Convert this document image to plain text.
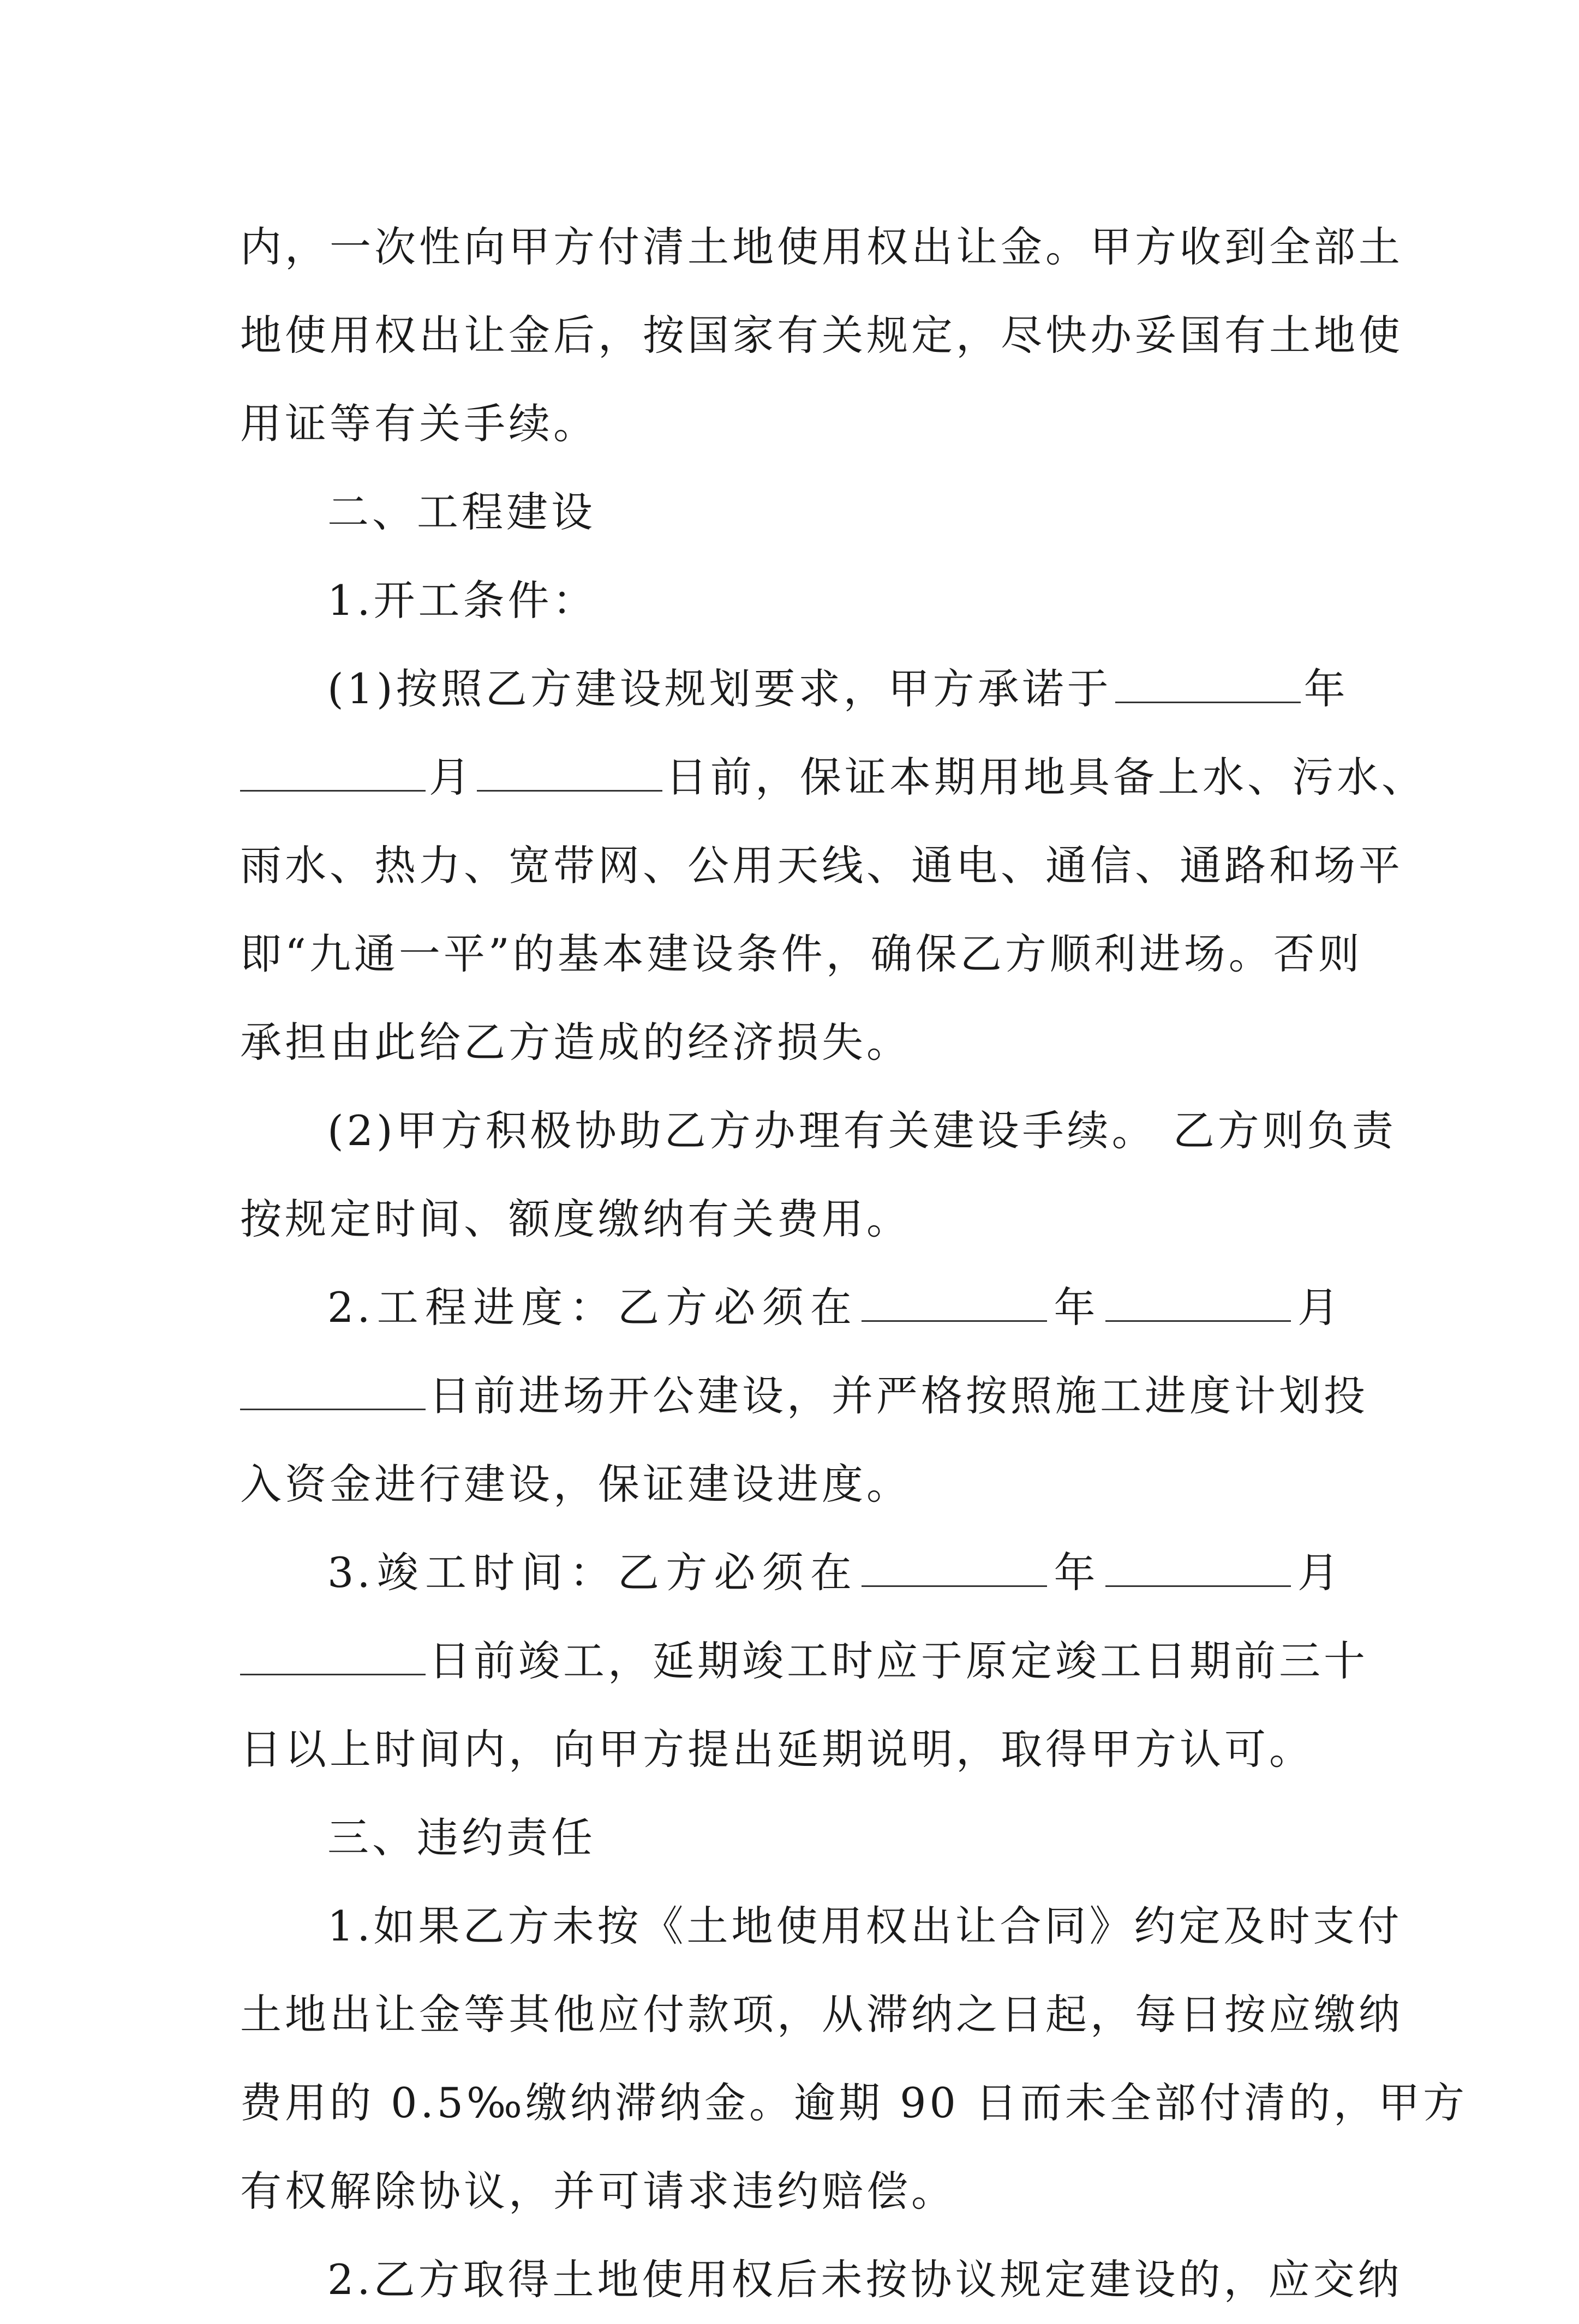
内，一次性向甲方付清土地使用权出让金。甲方收到全部土
地使用权出让金后，按国家有关规定，尽快办妥国有土地使
用证等有关手续。
二、工程建设
1.开工条件：
(1)按照乙方建设规划要求，甲方承诺于	年
月	日前，保证本期用地具备上水、污水、
雨水、热力、宽带网、公用天线、通电、通信、通路和场平
即“九通一平”的基本建设条件，确保乙方顺利进场。否则
承担由此给乙方造成的经济损失。
(2)甲方积极协助乙方办理有关建设手续。 乙方则负责
按规定时间、额度缴纳有关费用。
2.工程进度：乙方必须在	年	月
日前进场开公建设，并严格按照施工进度计划投
入资金进行建设，保证建设进度。
3.竣工时间：乙方必须在	年	月
日前竣工，延期竣工时应于原定竣工日期前三十
日以上时间内，向甲方提出延期说明，取得甲方认可。
三、违约责任
1.如果乙方未按《土地使用权出让合同》约定及时支付
土地出让金等其他应付款项，从滞纳之日起，每日按应缴纳
费用的 0.5‰缴纳滞纳金。逾期 90 日而未全部付清的，甲方
有权解除协议，并可请求违约赔偿。
2.乙方取得土地使用权后未按协议规定建设的，应交纳
